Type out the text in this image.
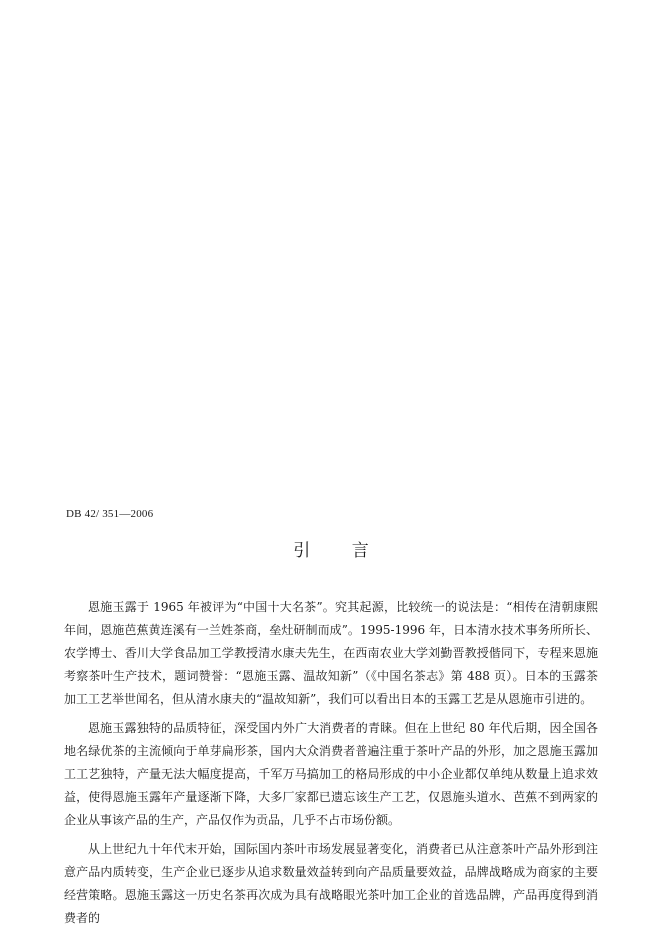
DB 42/ 351—2006
引 言

恩施玉露于 1965 年被评为“中国十大名茶”。究其起源，比较统一的说法是：“相传在清朝康熙年间，恩施芭蕉黄连溪有一兰姓茶商，垒灶研制而成”。1995-1996 年，日本清水技术事务所所长、农学博士、香川大学食品加工学教授清水康夫先生，在西南农业大学刘勤晋教授偕同下，专程来恩施考察茶叶生产技术，题词赞誉：“恩施玉露、温故知新”（《中国名茶志》第 488 页）。日本的玉露茶加工工艺举世闻名，但从清水康夫的“温故知新”，我们可以看出日本的玉露工艺是从恩施市引进的。

恩施玉露独特的品质特征，深受国内外广大消费者的青睐。但在上世纪 80 年代后期，因全国各地名绿优茶的主流倾向于单芽扁形茶，国内大众消费者普遍注重于茶叶产品的外形，加之恩施玉露加工工艺独特，产量无法大幅度提高，千军万马搞加工的格局形成的中小企业都仅单纯从数量上追求效益，使得恩施玉露年产量逐渐下降，大多厂家都已遗忘该生产工艺，仅恩施头道水、芭蕉不到两家的企业从事该产品的生产，产品仅作为贡品，几乎不占市场份额。

从上世纪九十年代末开始，国际国内茶叶市场发展显著变化，消费者已从注意茶叶产品外形到注意产品内质转变，生产企业已逐步从追求数量效益转到向产品质量要效益，品牌战略成为商家的主要经营策略。恩施玉露这一历史名茶再次成为具有战略眼光茶叶加工企业的首选品牌，产品再度得到消费者的
